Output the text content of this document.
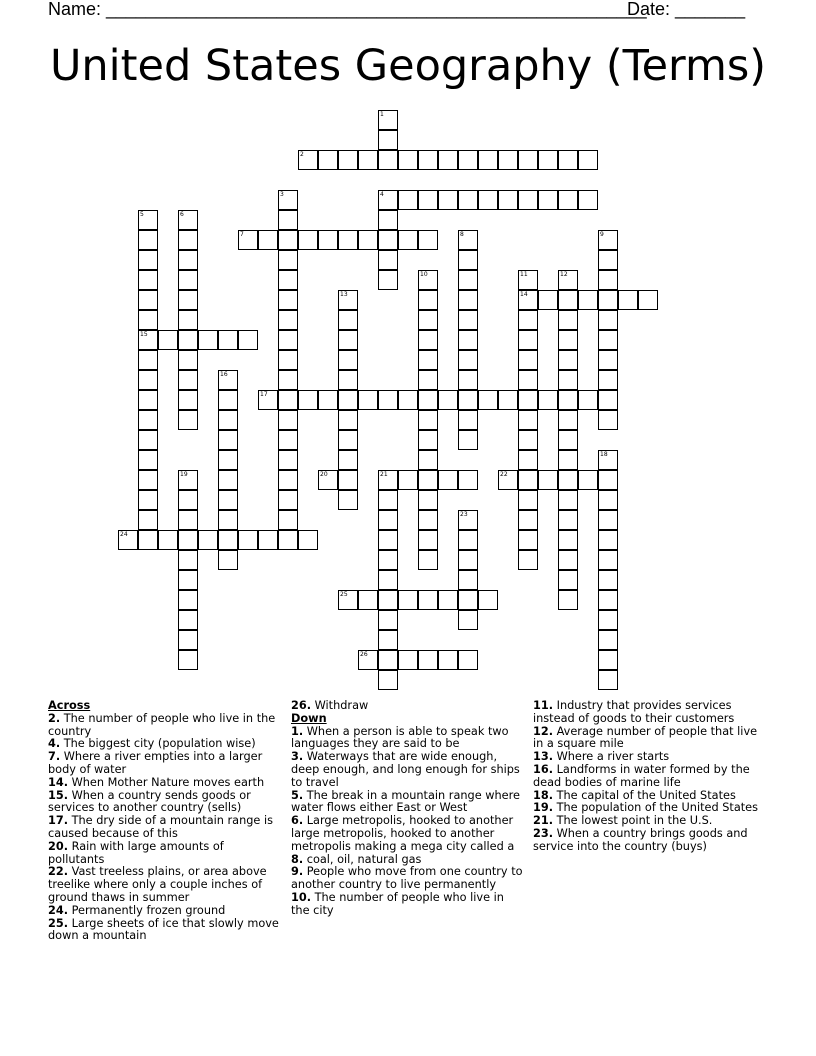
Name: ______________________________________________________
Date: _______
United States Geography (Terms)
1
2
3	4
5	6
7	8	9
10	11	12
13	14
15
16
17
18
19	20	21	22
23
24
25
26
Across
2. The number of people who live in the country
4. The biggest city (population wise)
7. Where a river empties into a larger body of water
14. When Mother Nature moves earth
15. When a country sends goods or services to another country (sells)
17. The dry side of a mountain range is caused because of this
20. Rain with large amounts of pollutants
22. Vast treeless plains, or area above treelike where only a couple inches of ground thaws in summer
24. Permanently frozen ground
25. Large sheets of ice that slowly move down a mountain
26. Withdraw
Down
1. When a person is able to speak two languages they are said to be
3. Waterways that are wide enough, deep enough, and long enough for ships to travel
5. The break in a mountain range where water flows either East or West
6. Large metropolis, hooked to another large metropolis, hooked to another metropolis making a mega city called a
8. coal, oil, natural gas
9. People who move from one country to another country to live permanently
10. The number of people who live in the city
11. Industry that provides services instead of goods to their customers
12. Average number of people that live in a square mile
13. Where a river starts
16. Landforms in water formed by the dead bodies of marine life
18. The capital of the United States
19. The population of the United States
21. The lowest point in the U.S.
23. When a country brings goods and service into the country (buys)
